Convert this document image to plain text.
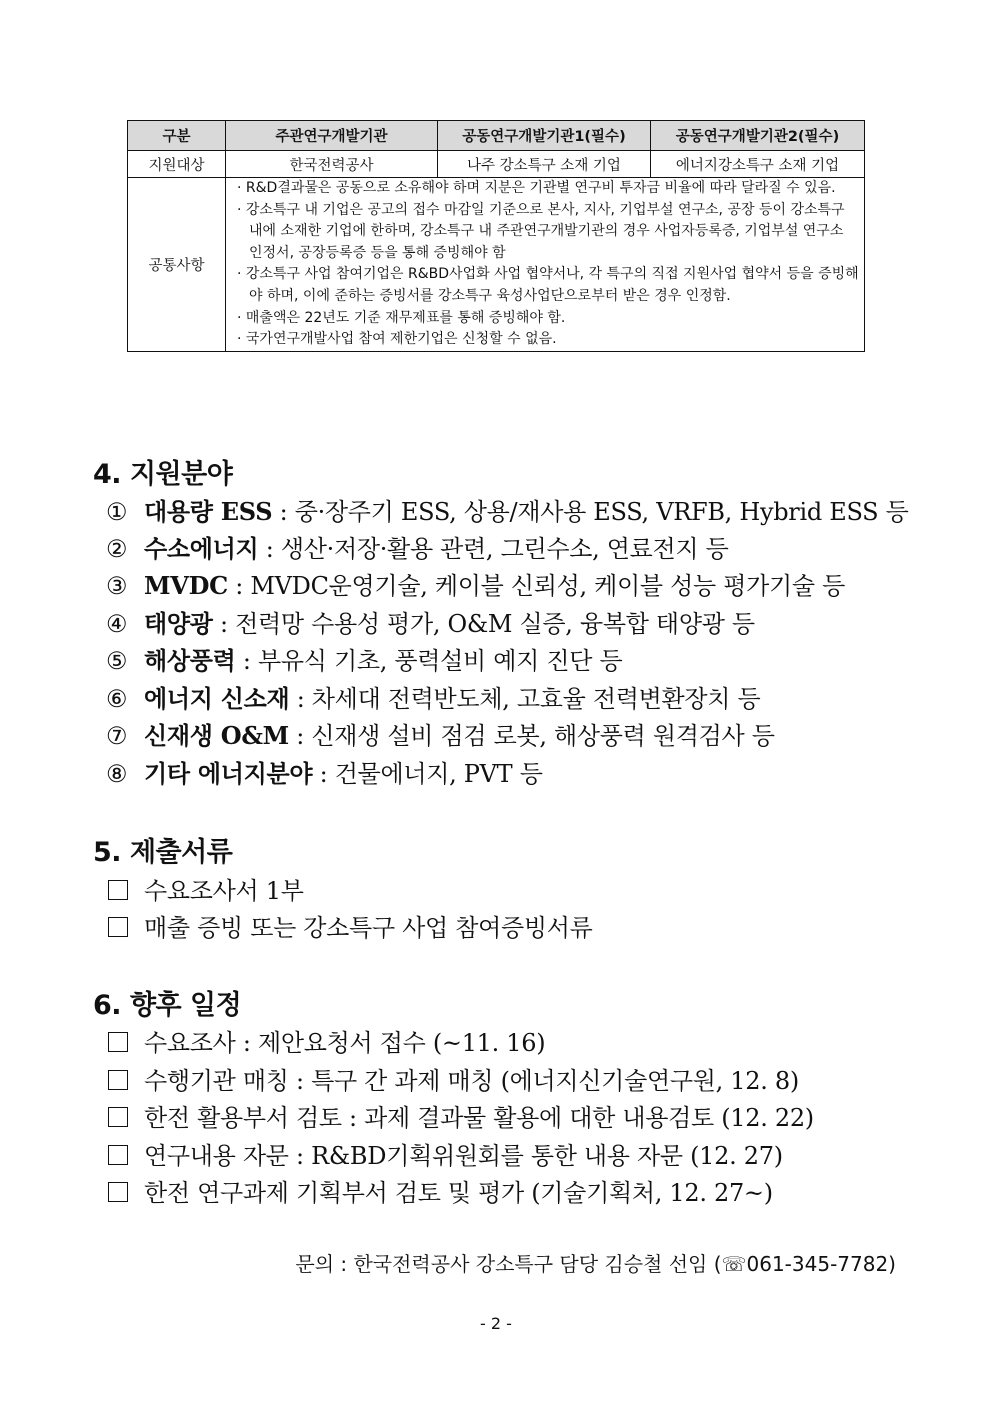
구분	주관연구개발기관	공동연구개발기관1(필수)	공동연구개발기관2(필수)
지원대상	한국전력공사	나주 강소특구 소재 기업	에너지강소특구 소재 기업
공통사항	· R&D결과물은 공동으로 소유해야 하며 지분은 기관별 연구비 투자금 비율에 따라 달라질 수 있음.
· 강소특구 내 기업은 공고의 접수 마감일 기준으로 본사, 지사, 기업부설 연구소, 공장 등이 강소특구 내에 소재한 기업에 한하며, 강소특구 내 주관연구개발기관의 경우 사업자등록증, 기업부설 연구소 인정서, 공장등록증 등을 통해 증빙해야 함
· 강소특구 사업 참여기업은 R&BD사업화 사업 협약서나, 각 특구의 직접 지원사업 협약서 등을 증빙해야 하며, 이에 준하는 증빙서를 강소특구 육성사업단으로부터 받은 경우 인정함.
· 매출액은 22년도 기준 재무제표를 통해 증빙해야 함.
· 국가연구개발사업 참여 제한기업은 신청할 수 없음.		
4. 지원분야
① 대용량 ESS : 중·장주기 ESS, 상용/재사용 ESS, VRFB, Hybrid ESS 등
② 수소에너지 : 생산·저장·활용 관련, 그린수소, 연료전지 등
③ MVDC : MVDC운영기술, 케이블 신뢰성, 케이블 성능 평가기술 등
④ 태양광 : 전력망 수용성 평가, O&M 실증, 융복합 태양광 등
⑤ 해상풍력 : 부유식 기초, 풍력설비 예지 진단 등
⑥ 에너지 신소재 : 차세대 전력반도체, 고효율 전력변환장치 등
⑦ 신재생 O&M : 신재생 설비 점검 로봇, 해상풍력 원격검사 등
⑧ 기타 에너지분야 : 건물에너지, PVT 등
5. 제출서류
수요조사서 1부
매출 증빙 또는 강소특구 사업 참여증빙서류
6. 향후 일정
수요조사 : 제안요청서 접수 (~11. 16)
수행기관 매칭 : 특구 간 과제 매칭 (에너지신기술연구원, 12. 8)
한전 활용부서 검토 : 과제 결과물 활용에 대한 내용검토 (12. 22)
연구내용 자문 : R&BD기획위원회를 통한 내용 자문 (12. 27)
한전 연구과제 기획부서 검토 및 평가 (기술기획처, 12. 27~)
문의 : 한국전력공사 강소특구 담당 김승철 선임 (☏061-345-7782)
- 2 -
